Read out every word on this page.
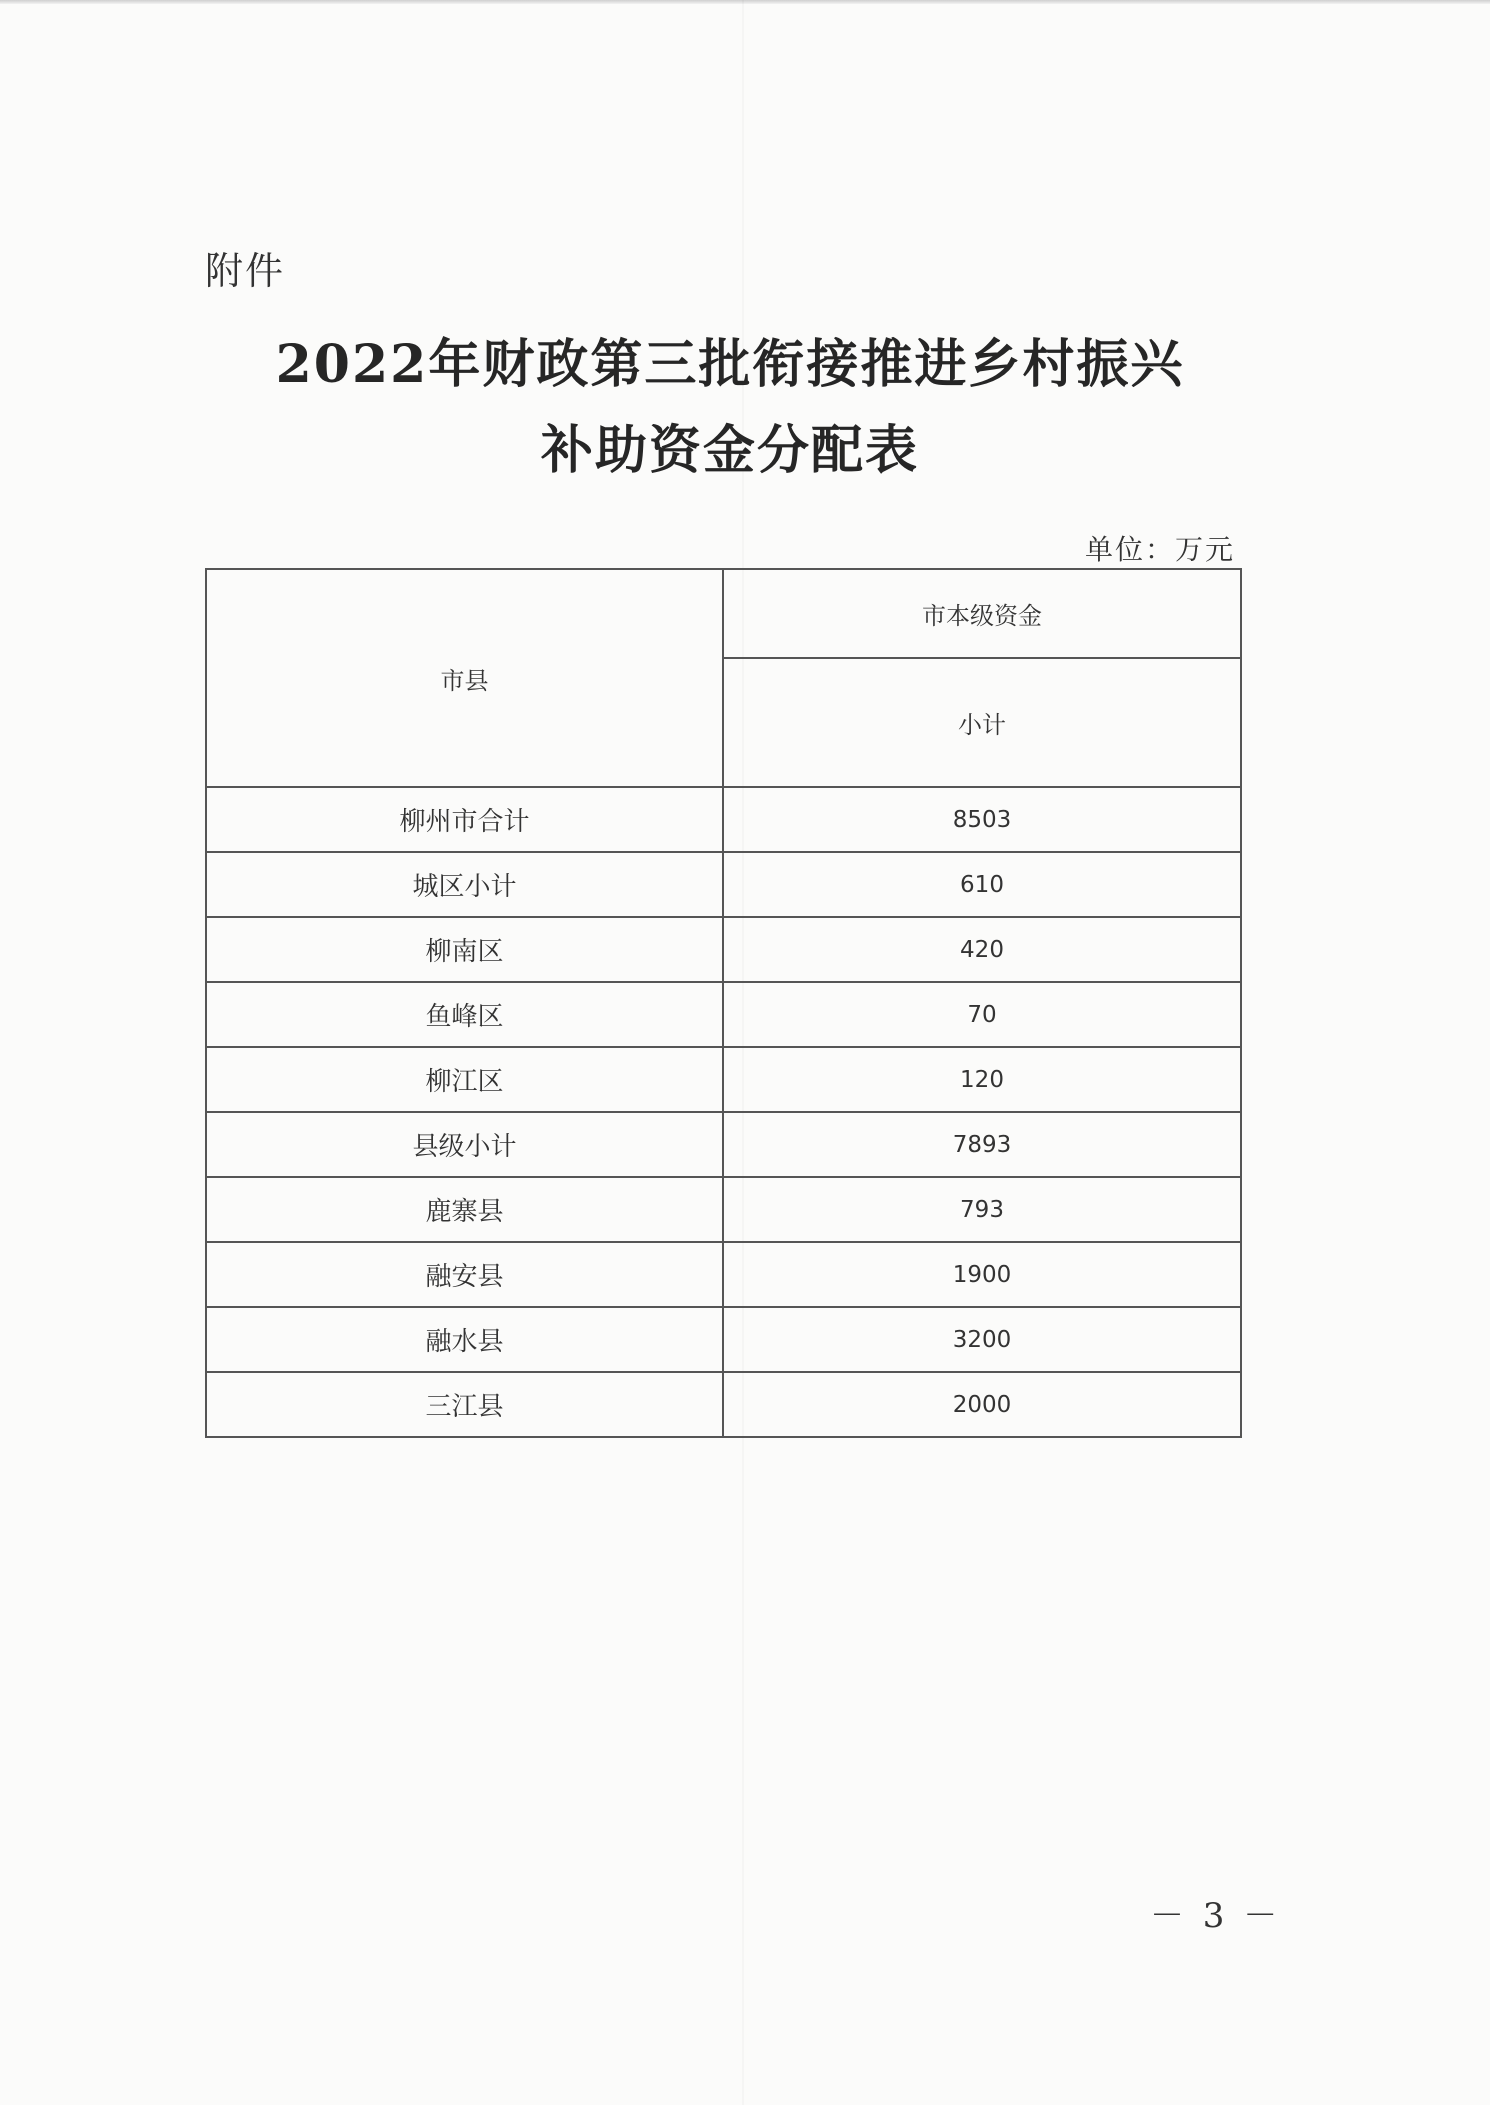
附件
2022年财政第三批衔接推进乡村振兴
补助资金分配表
单位：万元
市县	市本级资金
	小计
柳州市合计	8503
城区小计	610
柳南区	420
鱼峰区	70
柳江区	120
县级小计	7893
鹿寨县	793
融安县	1900
融水县	3200
三江县	2000
－ 3 －
